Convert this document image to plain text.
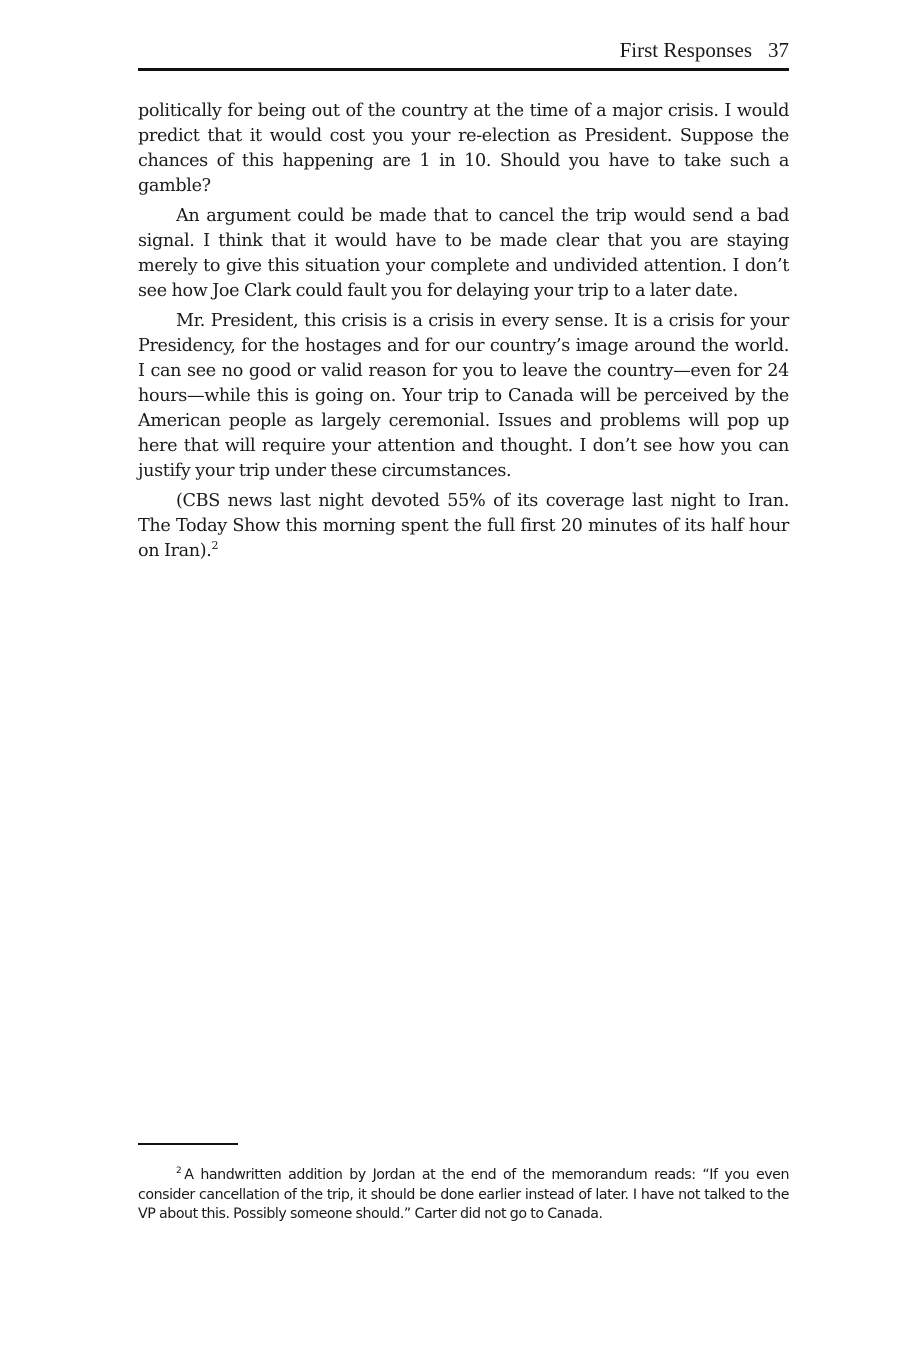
First Responses 37

politically for being out of the country at the time of a major crisis. I would predict that it would cost you your re-election as President. Suppose the chances of this happening are 1 in 10. Should you have to take such a gamble?

An argument could be made that to cancel the trip would send a bad signal. I think that it would have to be made clear that you are staying merely to give this situation your complete and undivided attention. I don’t see how Joe Clark could fault you for delaying your trip to a later date.

Mr. President, this crisis is a crisis in every sense. It is a crisis for your Presidency, for the hostages and for our country’s image around the world. I can see no good or valid reason for you to leave the country—even for 24 hours—while this is going on. Your trip to Canada will be perceived by the American people as largely ceremonial. Issues and problems will pop up here that will require your attention and thought. I don’t see how you can justify your trip under these circumstances.

(CBS news last night devoted 55% of its coverage last night to Iran. The Today Show this morning spent the full first 20 minutes of its half hour on Iran).$^2$

$^2$ A handwritten addition by Jordan at the end of the memorandum reads: “If you even consider cancellation of the trip, it should be done earlier instead of later. I have not talked to the VP about this. Possibly someone should.” Carter did not go to Canada.
